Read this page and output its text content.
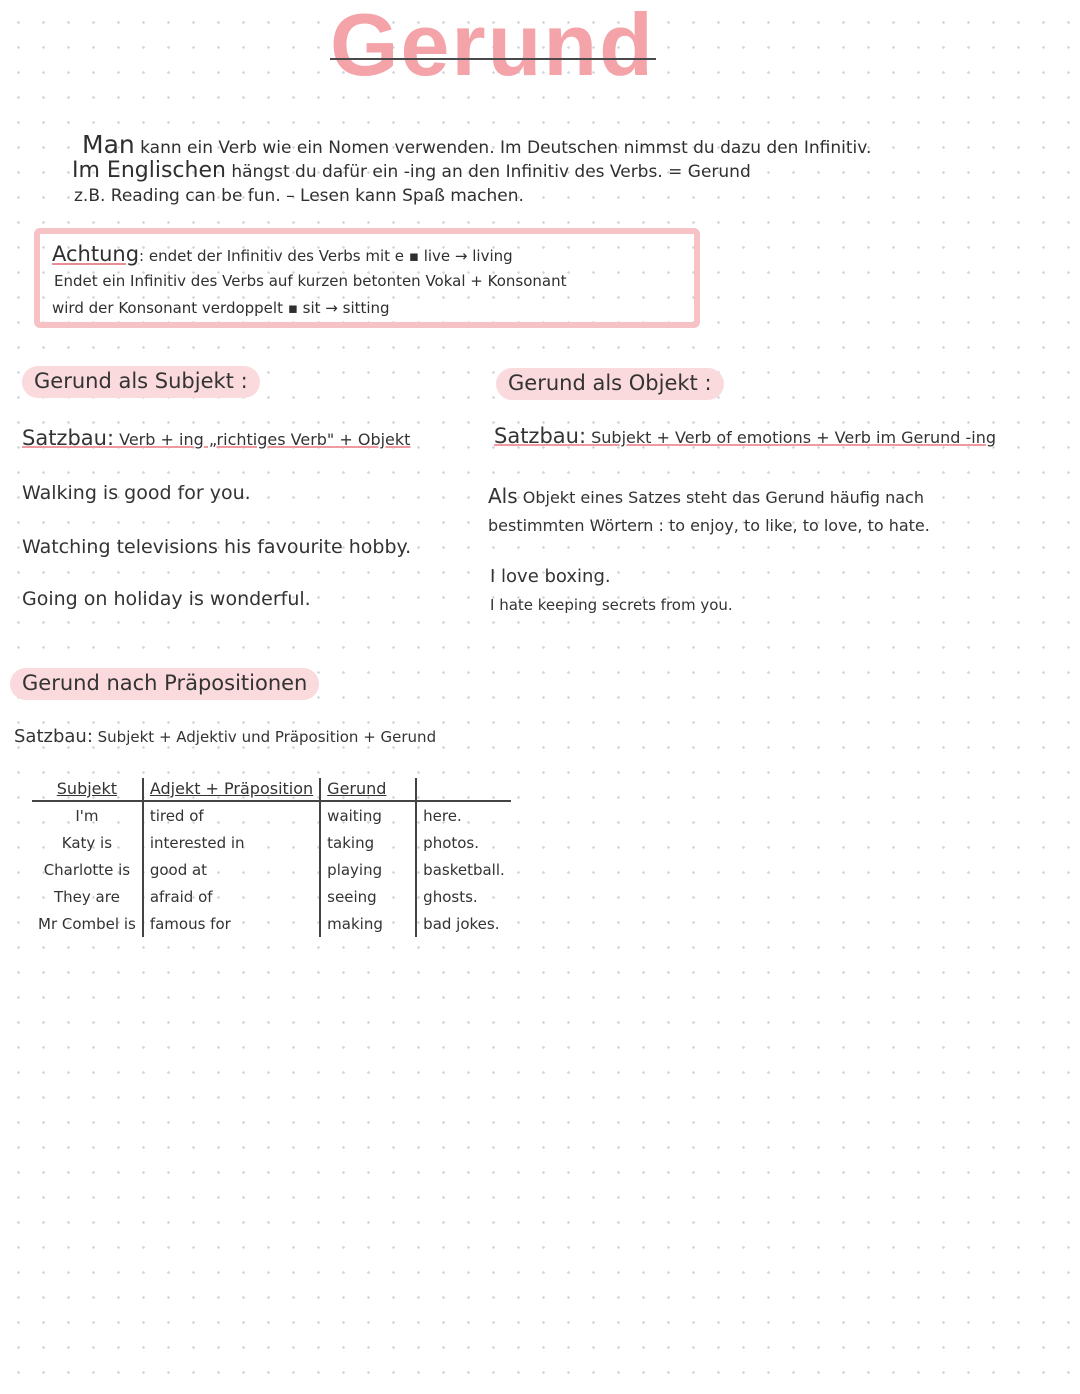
Gerund
Man kann ein Verb wie ein Nomen verwenden. Im Deutschen nimmst du dazu den Infinitiv.
Im Englischen hängst du dafür ein -ing an den Infinitiv des Verbs. = Gerund
z.B. Reading can be fun. – Lesen kann Spaß machen.
Achtung: endet der Infinitiv des Verbs mit e ▪ live → living
Endet ein Infinitiv des Verbs auf kurzen betonten Vokal + Konsonant
wird der Konsonant verdoppelt ▪ sit → sitting
Gerund als Subjekt :
Satzbau: Verb + ing „richtiges Verb" + Objekt
Walking is good for you.
Watching televisions his favourite hobby.
Going on holiday is wonderful.
Gerund als Objekt :
Satzbau: Subjekt + Verb of emotions + Verb im Gerund -ing
Als Objekt eines Satzes steht das Gerund häufig nach
bestimmten Wörtern : to enjoy, to like, to love, to hate.
I love boxing.
I hate keeping secrets from you.
Gerund nach Präpositionen
Satzbau: Subjekt + Adjektiv und Präposition + Gerund
Subjekt	Adjekt + Präposition	Gerund	
I'm	tired of	waiting	here.
Katy is	interested in	taking	photos.
Charlotte is	good at	playing	basketball.
They are	afraid of	seeing	ghosts.
Mr Combel is	famous for	making	bad jokes.
